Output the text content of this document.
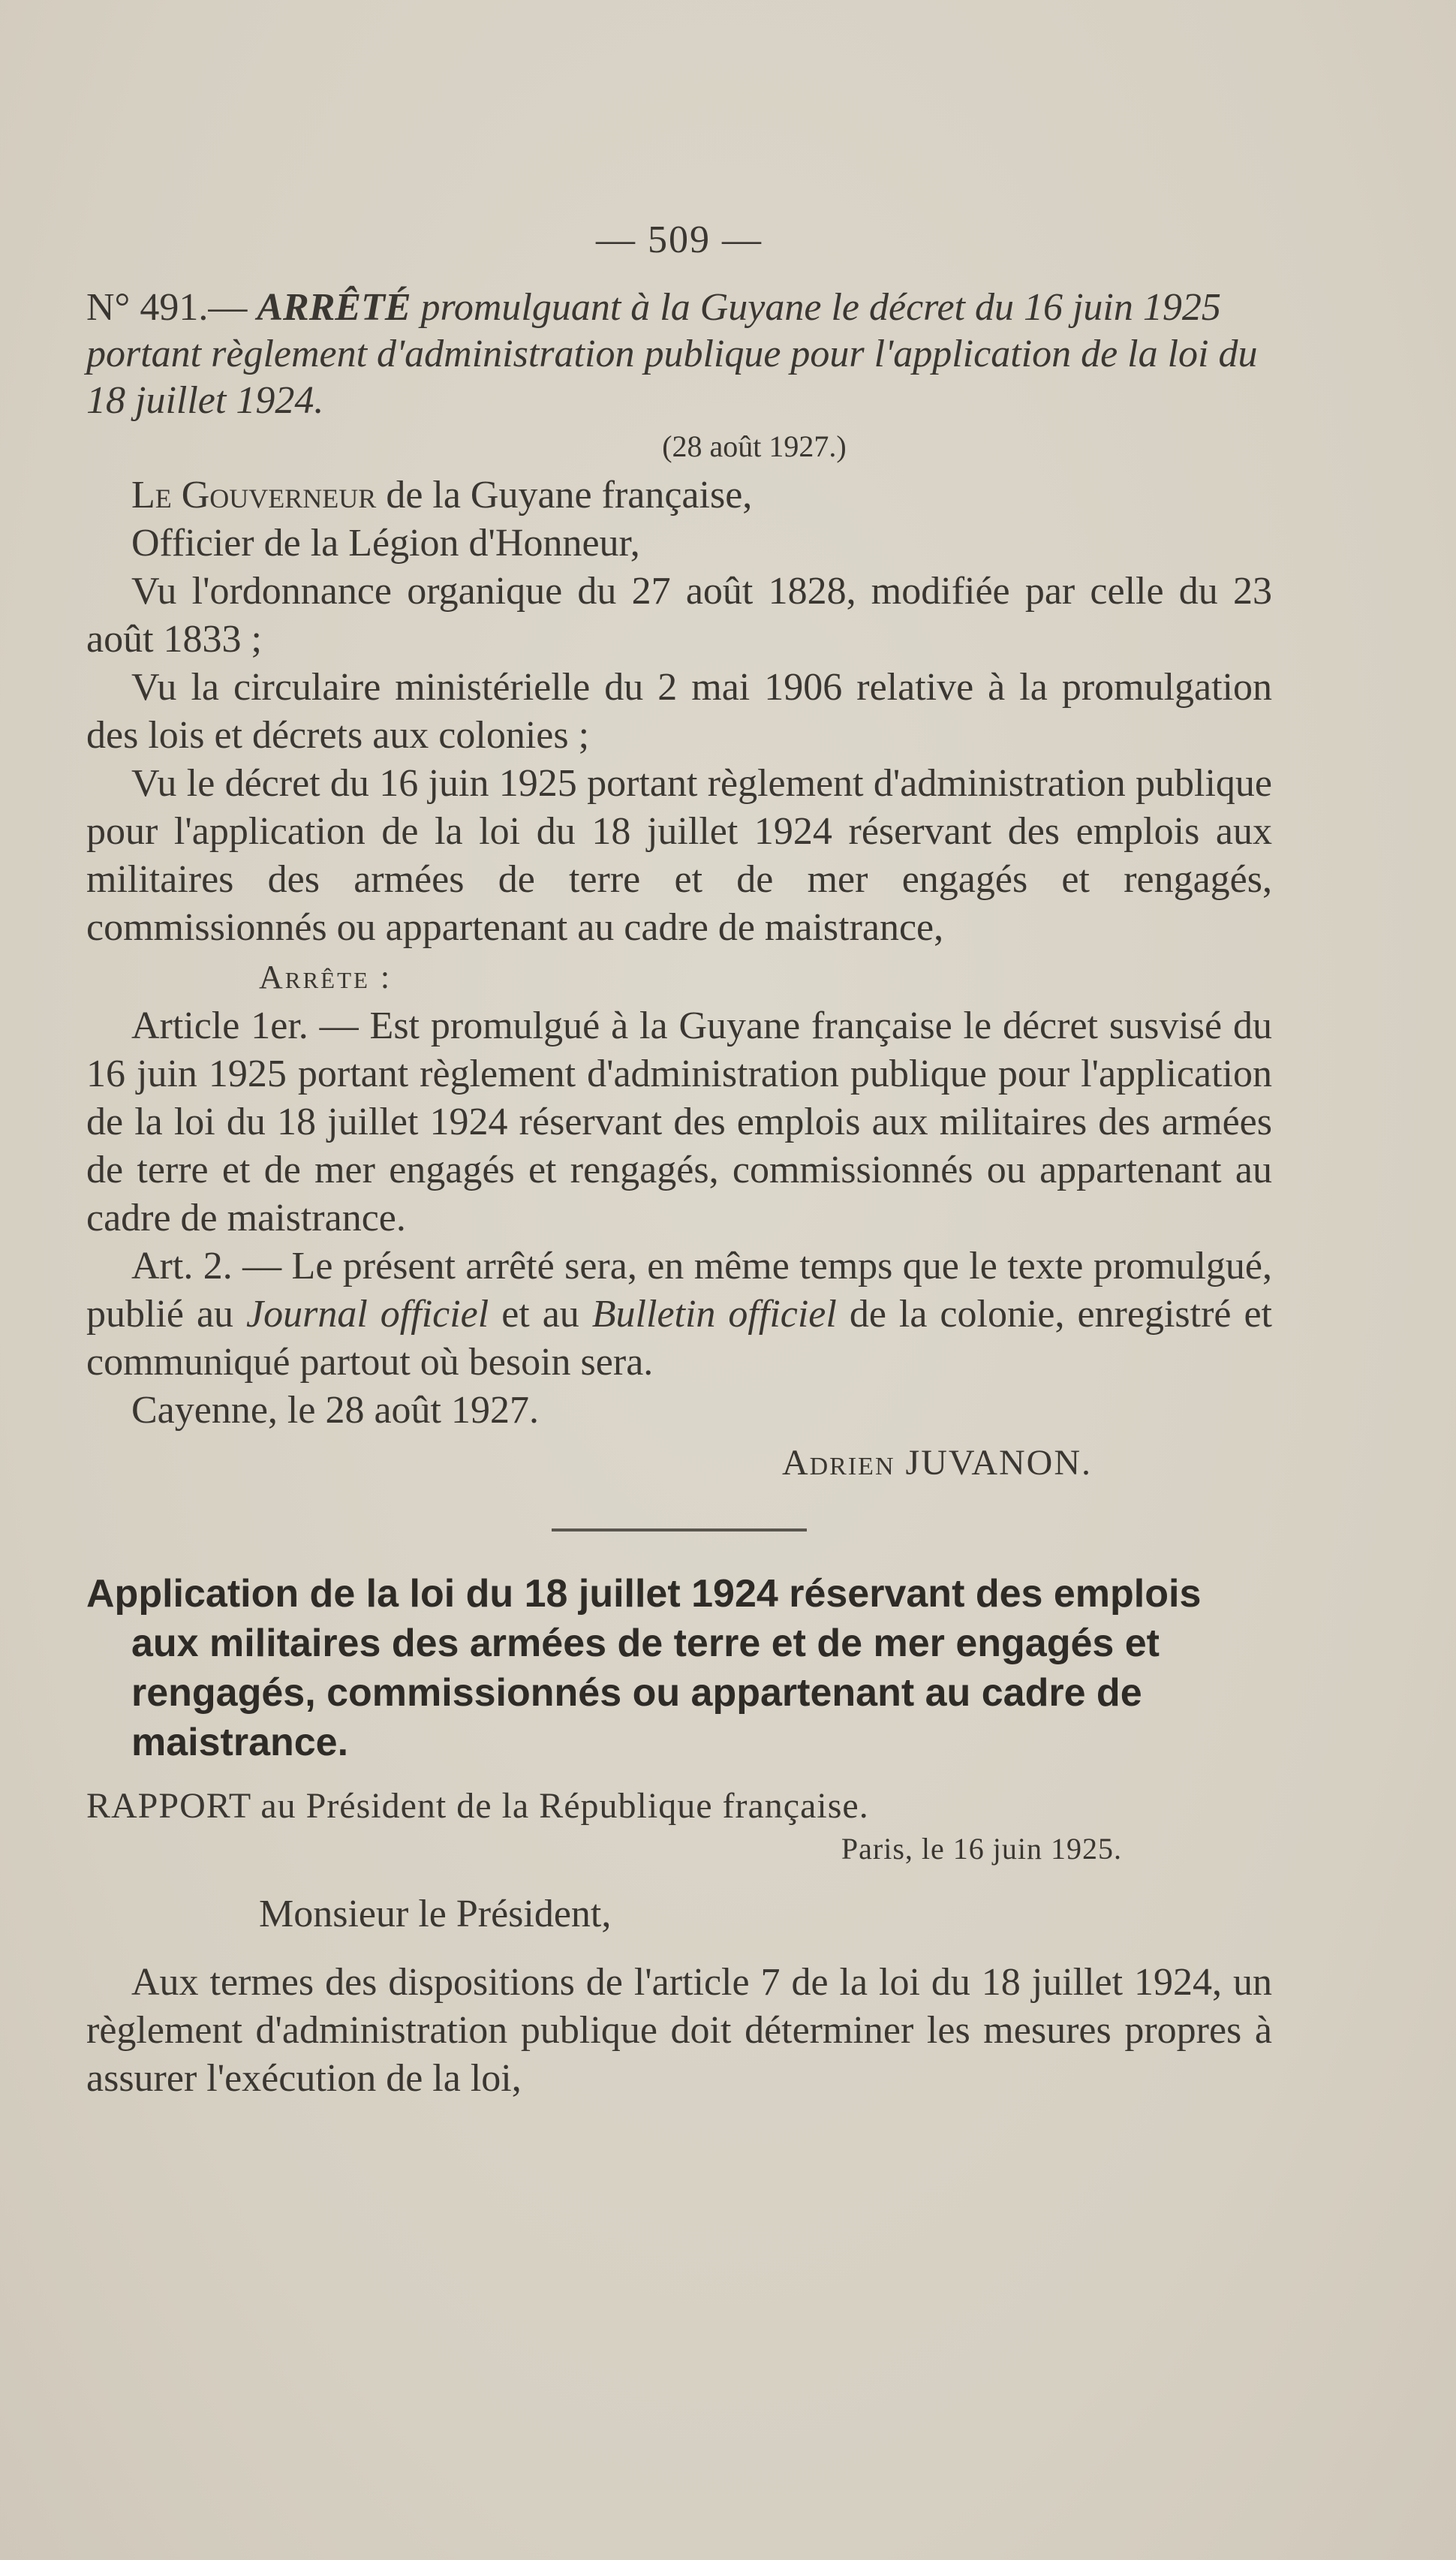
— 509 —
N° 491.— ARRÊTÉ promulguant à la Guyane le décret du 16 juin 1925 portant règlement d'administration publique pour l'application de la loi du 18 juillet 1924.
(28 août 1927.)

Le Gouverneur de la Guyane française,

Officier de la Légion d'Honneur,

Vu l'ordonnance organique du 27 août 1828, modifiée par celle du 23 août 1833 ;

Vu la circulaire ministérielle du 2 mai 1906 relative à la promulgation des lois et décrets aux colonies ;

Vu le décret du 16 juin 1925 portant règlement d'administration publique pour l'application de la loi du 18 juillet 1924 réservant des emplois aux militaires des armées de terre et de mer engagés et rengagés, commissionnés ou appartenant au cadre de maistrance,

Arrête :

Article 1er. — Est promulgué à la Guyane française le décret susvisé du 16 juin 1925 portant règlement d'administration publique pour l'application de la loi du 18 juillet 1924 réservant des emplois aux militaires des armées de terre et de mer engagés et rengagés, commissionnés ou appartenant au cadre de maistrance.

Art. 2. — Le présent arrêté sera, en même temps que le texte promulgué, publié au Journal officiel et au Bulletin officiel de la colonie, enregistré et communiqué partout où besoin sera.

Cayenne, le 28 août 1927.

Adrien JUVANON.
Application de la loi du 18 juillet 1924 réservant des emplois aux militaires des armées de terre et de mer engagés et rengagés, commissionnés ou appartenant au cadre de maistrance.
RAPPORT au Président de la République française.
Paris, le 16 juin 1925.
Monsieur le Président,

Aux termes des dispositions de l'article 7 de la loi du 18 juillet 1924, un règlement d'administration publique doit déterminer les mesures propres à assurer l'exécution de la loi,
